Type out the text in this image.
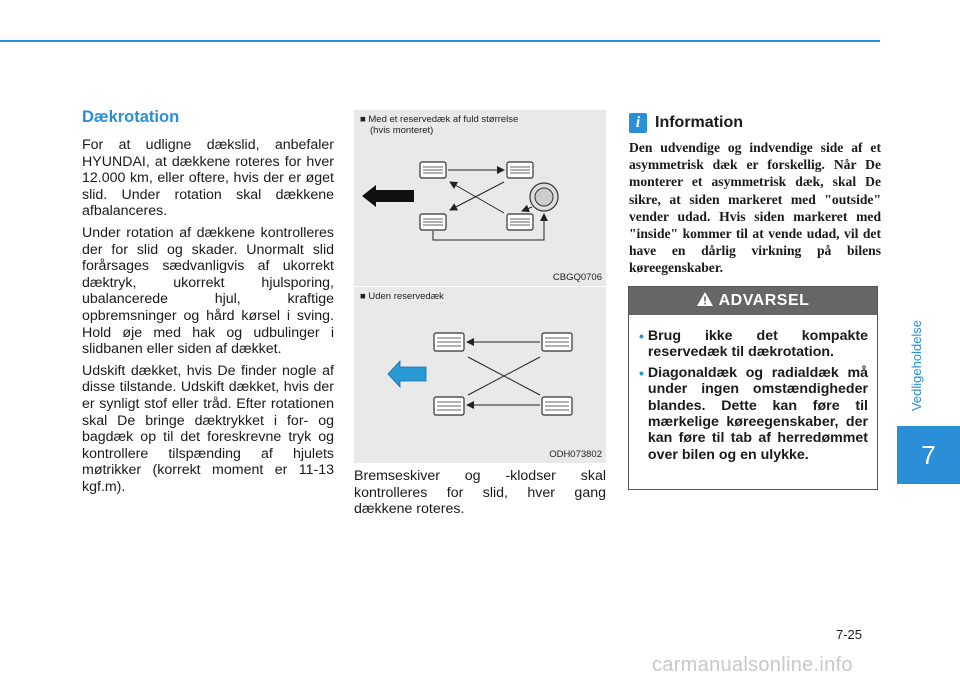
Vedligeholdelse
7
Dækrotation

For at udligne dækslid, anbefaler HYUNDAI, at dækkene roteres for hver 12.000 km, eller oftere, hvis der er øget slid. Under rotation skal dækkene afbalanceres.

Under rotation af dækkene kontrolleres der for slid og skader. Unormalt slid forårsages sædvanligvis af ukorrekt dæktryk, ukorrekt hjulsporing, ubalancerede hjul, kraftige opbremsninger og hård kørsel i sving. Hold øje med hak og udbulinger i slidbanen eller siden af dækket.

Udskift dækket, hvis De finder nogle af disse tilstande. Udskift dækket, hvis der er synligt stof eller tråd. Efter rotationen skal De bringe dæktrykket i for- og bagdæk op til det foreskrevne tryk og kontrollere tilspænding af hjulets møtrikker (korrekt moment er 11-13 kgf.m).

■ Med et reservedæk af fuld størrelse
(hvis monteret)
CBGQ0706
■ Uden reservedæk
ODH073802
Bremseskiver og -klodser skal kontrolleres for slid, hver gang dækkene roteres.
i Information
Den udvendige og indvendige side af et asymmetrisk dæk er forskellig. Når De monterer et asymmetrisk dæk, skal De sikre, at siden markeret med "outside" vender udad. Hvis siden markeret med "inside" kommer til at vende udad, vil det have en dårlig virkning på bilens køreegenskaber.
ADVARSEL
• Brug ikke det kompakte reservedæk til dækrotation.
• Diagonaldæk og radialdæk må under ingen omstændigheder blandes. Dette kan føre til mærkelige køreegenskaber, der kan føre til tab af herredømmet over bilen og en ulykke.
7-25
carmanualsonline.info
